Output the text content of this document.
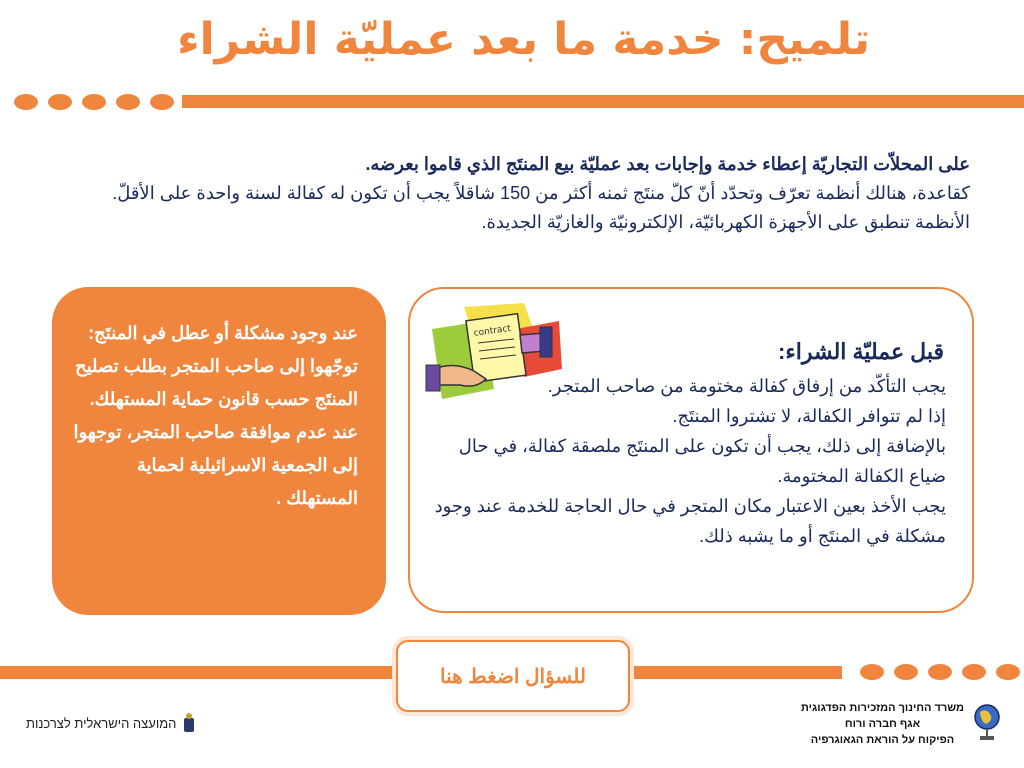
تلميح: خدمة ما بعد عمليّة الشراء
على المحلاّت التجاريّة إعطاء خدمة وإجابات بعد عمليّة بيع المنتَج الذي قاموا بعرضه.
كقاعدة، هنالك أنظمة تعرّف وتحدّد أنّ كلّ منتَج ثمنه أكثر من 150 شاقلاً يجب أن تكون له كفالة لسنة واحدة على الأقلّ. الأنظمة تنطبق على الأجهزة الكهربائيّة، الإلكترونيّة والغازيّة الجديدة.
عند وجود مشكلة أو عطل في المنتَج:
توجّهوا إلى صاحب المتجر بطلب تصليح المنتَج حسب قانون حماية المستهلك.
عند عدم موافقة صاحب المتجر، توجهوا إلى الجمعية الاسرائيلية لحماية المستهلك .
contract
قبل عمليّة الشراء:
يجب التأكّد من إرفاق كفالة مختومة من صاحب المتجر.
إذا لم تتوافر الكفالة، لا تشتروا المنتَج.
بالإضافة إلى ذلك، يجب أن تكون على المنتَج ملصقة كفالة، في حال ضياع الكفالة المختومة.
يجب الأخذ بعين الاعتبار مكان المتجر في حال الحاجة للخدمة عند وجود مشكلة في المنتَج أو ما يشبه ذلك.
للسؤال اضغط هنا
המועצה הישראלית לצרכנות
משרד החינוך המזכירות הפדגוגית
אגף חברה ורוח
הפיקוח על הוראת הגאוגרפיה
